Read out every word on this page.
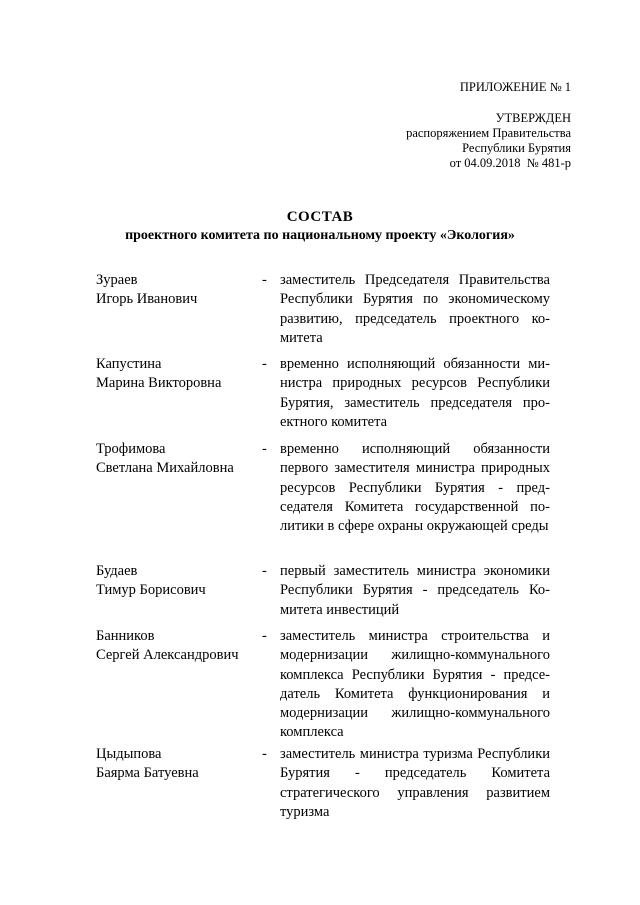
ПРИЛОЖЕНИЕ № 1
УТВЕРЖДЕН
распоряжением Правительства
Республики Бурятия
от 04.09.2018  № 481-р
СОСТАВ
проектного комитета по национальному проекту «Экология»
Зураев
Игорь Иванович
- заместитель Председателя Правительства Республики Бурятия по экономическому развитию, председатель проектного комитета
Капустина
Марина Викторовна
- временно исполняющий обязанности министра природных ресурсов Республики Бурятия, заместитель председателя проектного комитета
Трофимова
Светлана Михайловна
- временно исполняющий обязанности первого заместителя министра природных ресурсов Республики Бурятия - председателя Комитета государственной политики в сфере охраны окружающей среды
Будаев
Тимур Борисович
- первый заместитель министра экономики Республики Бурятия - председатель Комитета инвестиций
Банников
Сергей Александрович
- заместитель министра строительства и модернизации жилищно-коммунального комплекса Республики Бурятия - председатель Комитета функционирования и модернизации жилищно-коммунального комплекса
Цыдыпова
Баярма Батуевна
- заместитель министра туризма Республики Бурятия - председатель Комитета стратегического управления развитием туризма
